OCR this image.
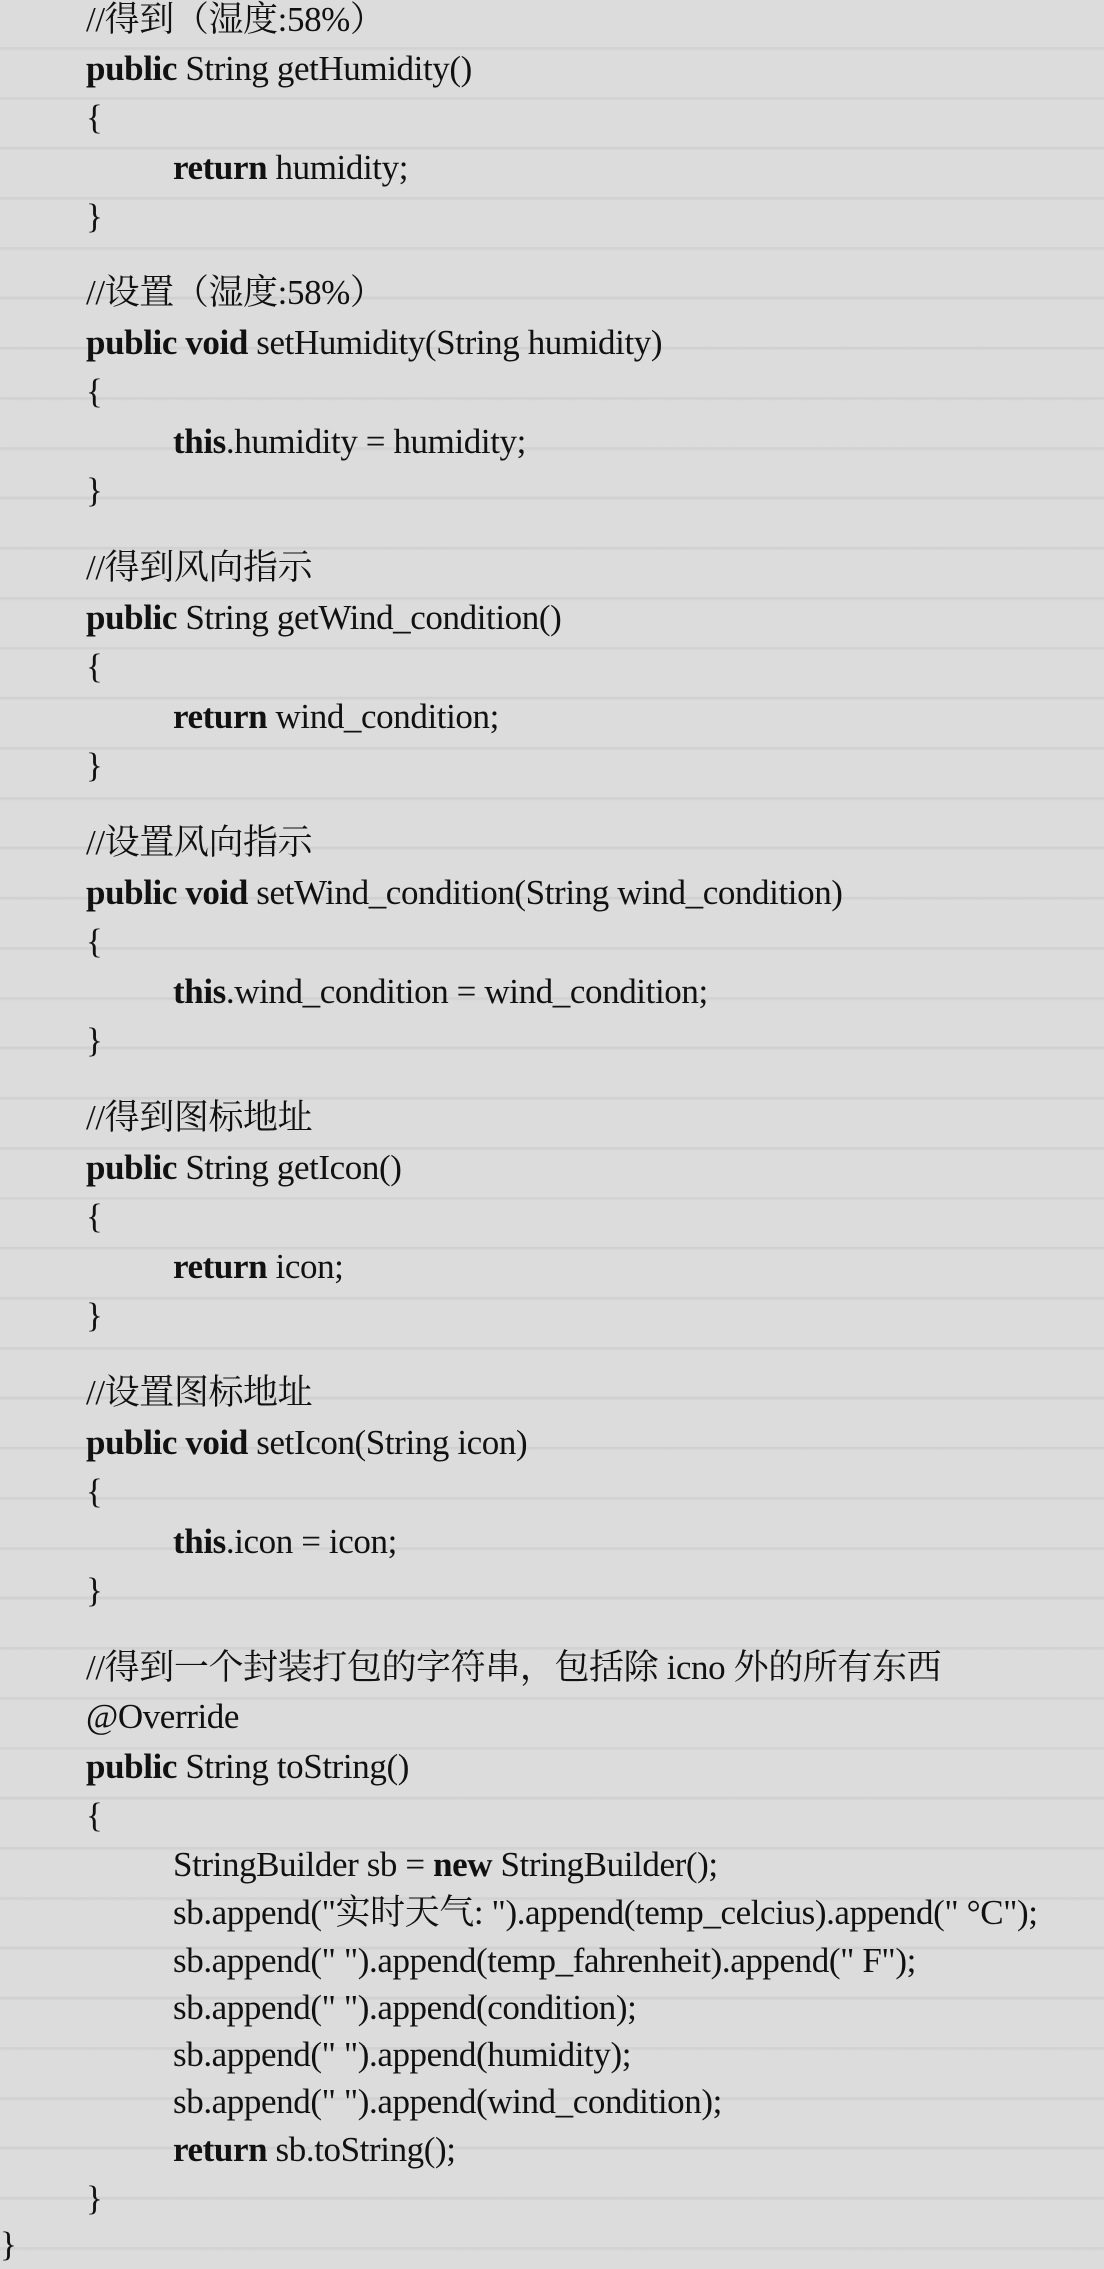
//得到（湿度:58%）
public String getHumidity()
{
return humidity;
}
//设置（湿度:58%）
public void setHumidity(String humidity)
{
this.humidity = humidity;
}
//得到风向指示
public String getWind_condition()
{
return wind_condition;
}
//设置风向指示
public void setWind_condition(String wind_condition)
{
this.wind_condition = wind_condition;
}
//得到图标地址
public String getIcon()
{
return icon;
}
//设置图标地址
public void setIcon(String icon)
{
this.icon = icon;
}
//得到一个封装打包的字符串，包括除 icno 外的所有东西
@Override
public String toString()
{
StringBuilder sb = new StringBuilder();
sb.append("实时天气: ").append(temp_celcius).append(" °C");
sb.append(" ").append(temp_fahrenheit).append(" F");
sb.append(" ").append(condition);
sb.append(" ").append(humidity);
sb.append(" ").append(wind_condition);
return sb.toString();
}
}
